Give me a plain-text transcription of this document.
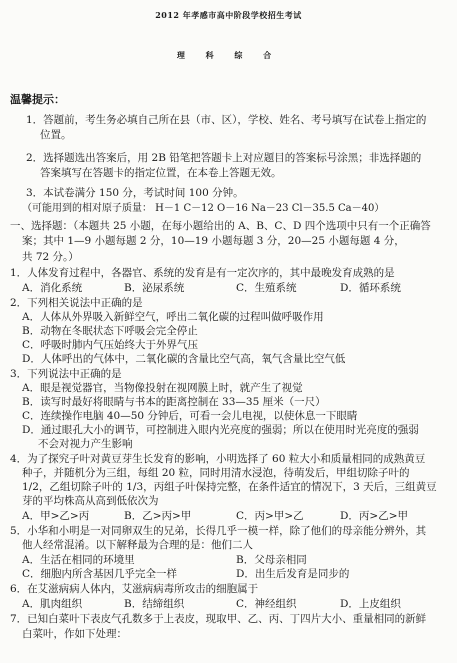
2012 年孝感市高中阶段学校招生考试
理 科 综 合
温馨提示：
1．答题前，考生务必填自己所在县（市、区），学校、姓名、考号填写在试卷上指定的
位置。
2．选择题选出答案后，用 2B 铅笔把答题卡上对应题目的答案标号涂黑；非选择题的
答案填写在答题卡的指定位置，在本卷上答题无效。
3．本试卷满分 150 分，考试时间 100 分钟。
（可能用到的相对原子质量： H－1 C－12 O－16 Na－23 Cl－35.5 Ca－40）
一、选择题：（本题共 25 小题，在每小题给出的 A、B、C、D 四个选项中只有一个正确答
案；其中 1—9 小题每题 2 分，10—19 小题每题 3 分，20—25 小题每题 4 分，
共 72 分。）
1．人体发育过程中，各器官、系统的发育是有一定次序的，其中最晚发育成熟的是
A．消化系统	B．泌尿系统	C．生殖系统	D．循环系统
2．下列相关说法中正确的是
A．人体从外界吸入新鲜空气，呼出二氧化碳的过程叫做呼吸作用
B．动物在冬眠状态下呼吸会完全停止
C．呼吸时肺内气压始终大于外界气压
D．人体呼出的气体中，二氧化碳的含量比空气高，氧气含量比空气低
3．下列说法中正确的是
A．眼是视觉器官，当物像投射在视网膜上时，就产生了视觉
B．读写时最好将眼睛与书本的距离控制在 33—35 厘米（一尺）
C．连续操作电脑 40—50 分钟后，可看一会儿电视，以使休息一下眼睛
D．通过眼孔大小的调节，可控制进入眼内光亮度的强弱；所以在使用时光亮度的强弱
不会对视力产生影响
4．为了探究子叶对黄豆芽生长发育的影响，小明选择了 60 粒大小和质量相同的成熟黄豆
种子，并随机分为三组，每组 20 粒，同时用清水浸泡，待萌发后，甲组切除子叶的
1/2，乙组切除子叶的 1/3，丙组子叶保持完整，在条件适宜的情况下，3 天后，三组黄豆
芽的平均株高从高到低依次为
A．甲>乙>丙	B．乙>丙>甲	C．丙>甲>乙	D．丙>乙>甲
5．小华和小明是一对同卵双生的兄弟，长得几乎一模一样，除了他们的母亲能分辨外，其
他人经常混淆。以下解释最为合理的是：他们二人
A．生活在相同的环境里	B．父母亲相同
C．细胞内所含基因几乎完全一样	D．出生后发育是同步的
6．在艾滋病病人体内，艾滋病病毒所攻击的细胞属于
A．肌肉组织	B．结缔组织	C．神经组织	D．上皮组织
7．已知白菜叶下表皮气孔数多于上表皮，现取甲、乙、丙、丁四片大小、重量相同的新鲜
白菜叶，作如下处理：
